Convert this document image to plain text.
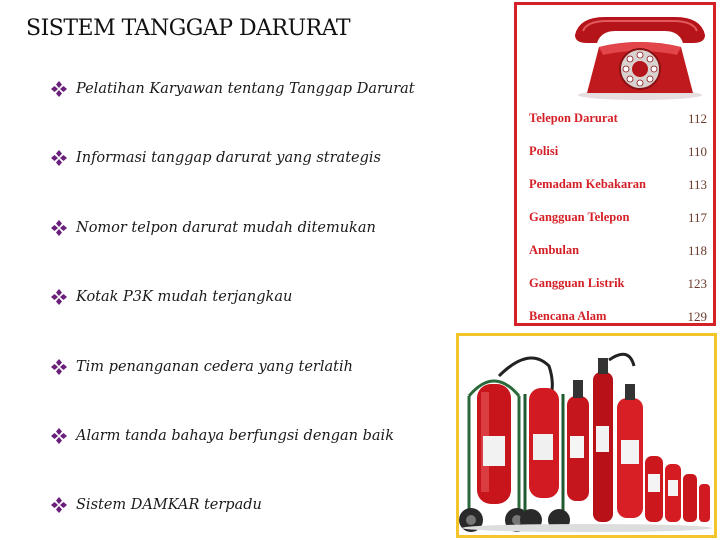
SISTEM TANGGAP DARURAT
Pelatihan Karyawan tentang Tanggap Darurat
Informasi tanggap darurat yang strategis
Nomor telpon darurat mudah ditemukan
Kotak P3K mudah terjangkau
Tim penanganan cedera yang terlatih
Alarm tanda bahaya berfungsi dengan baik
Sistem DAMKAR terpadu
Telepon Darurat	112
Polisi	110
Pemadam Kebakaran	113
Gangguan Telepon	117
Ambulan	118
Gangguan Listrik	123
Bencana Alam	129
